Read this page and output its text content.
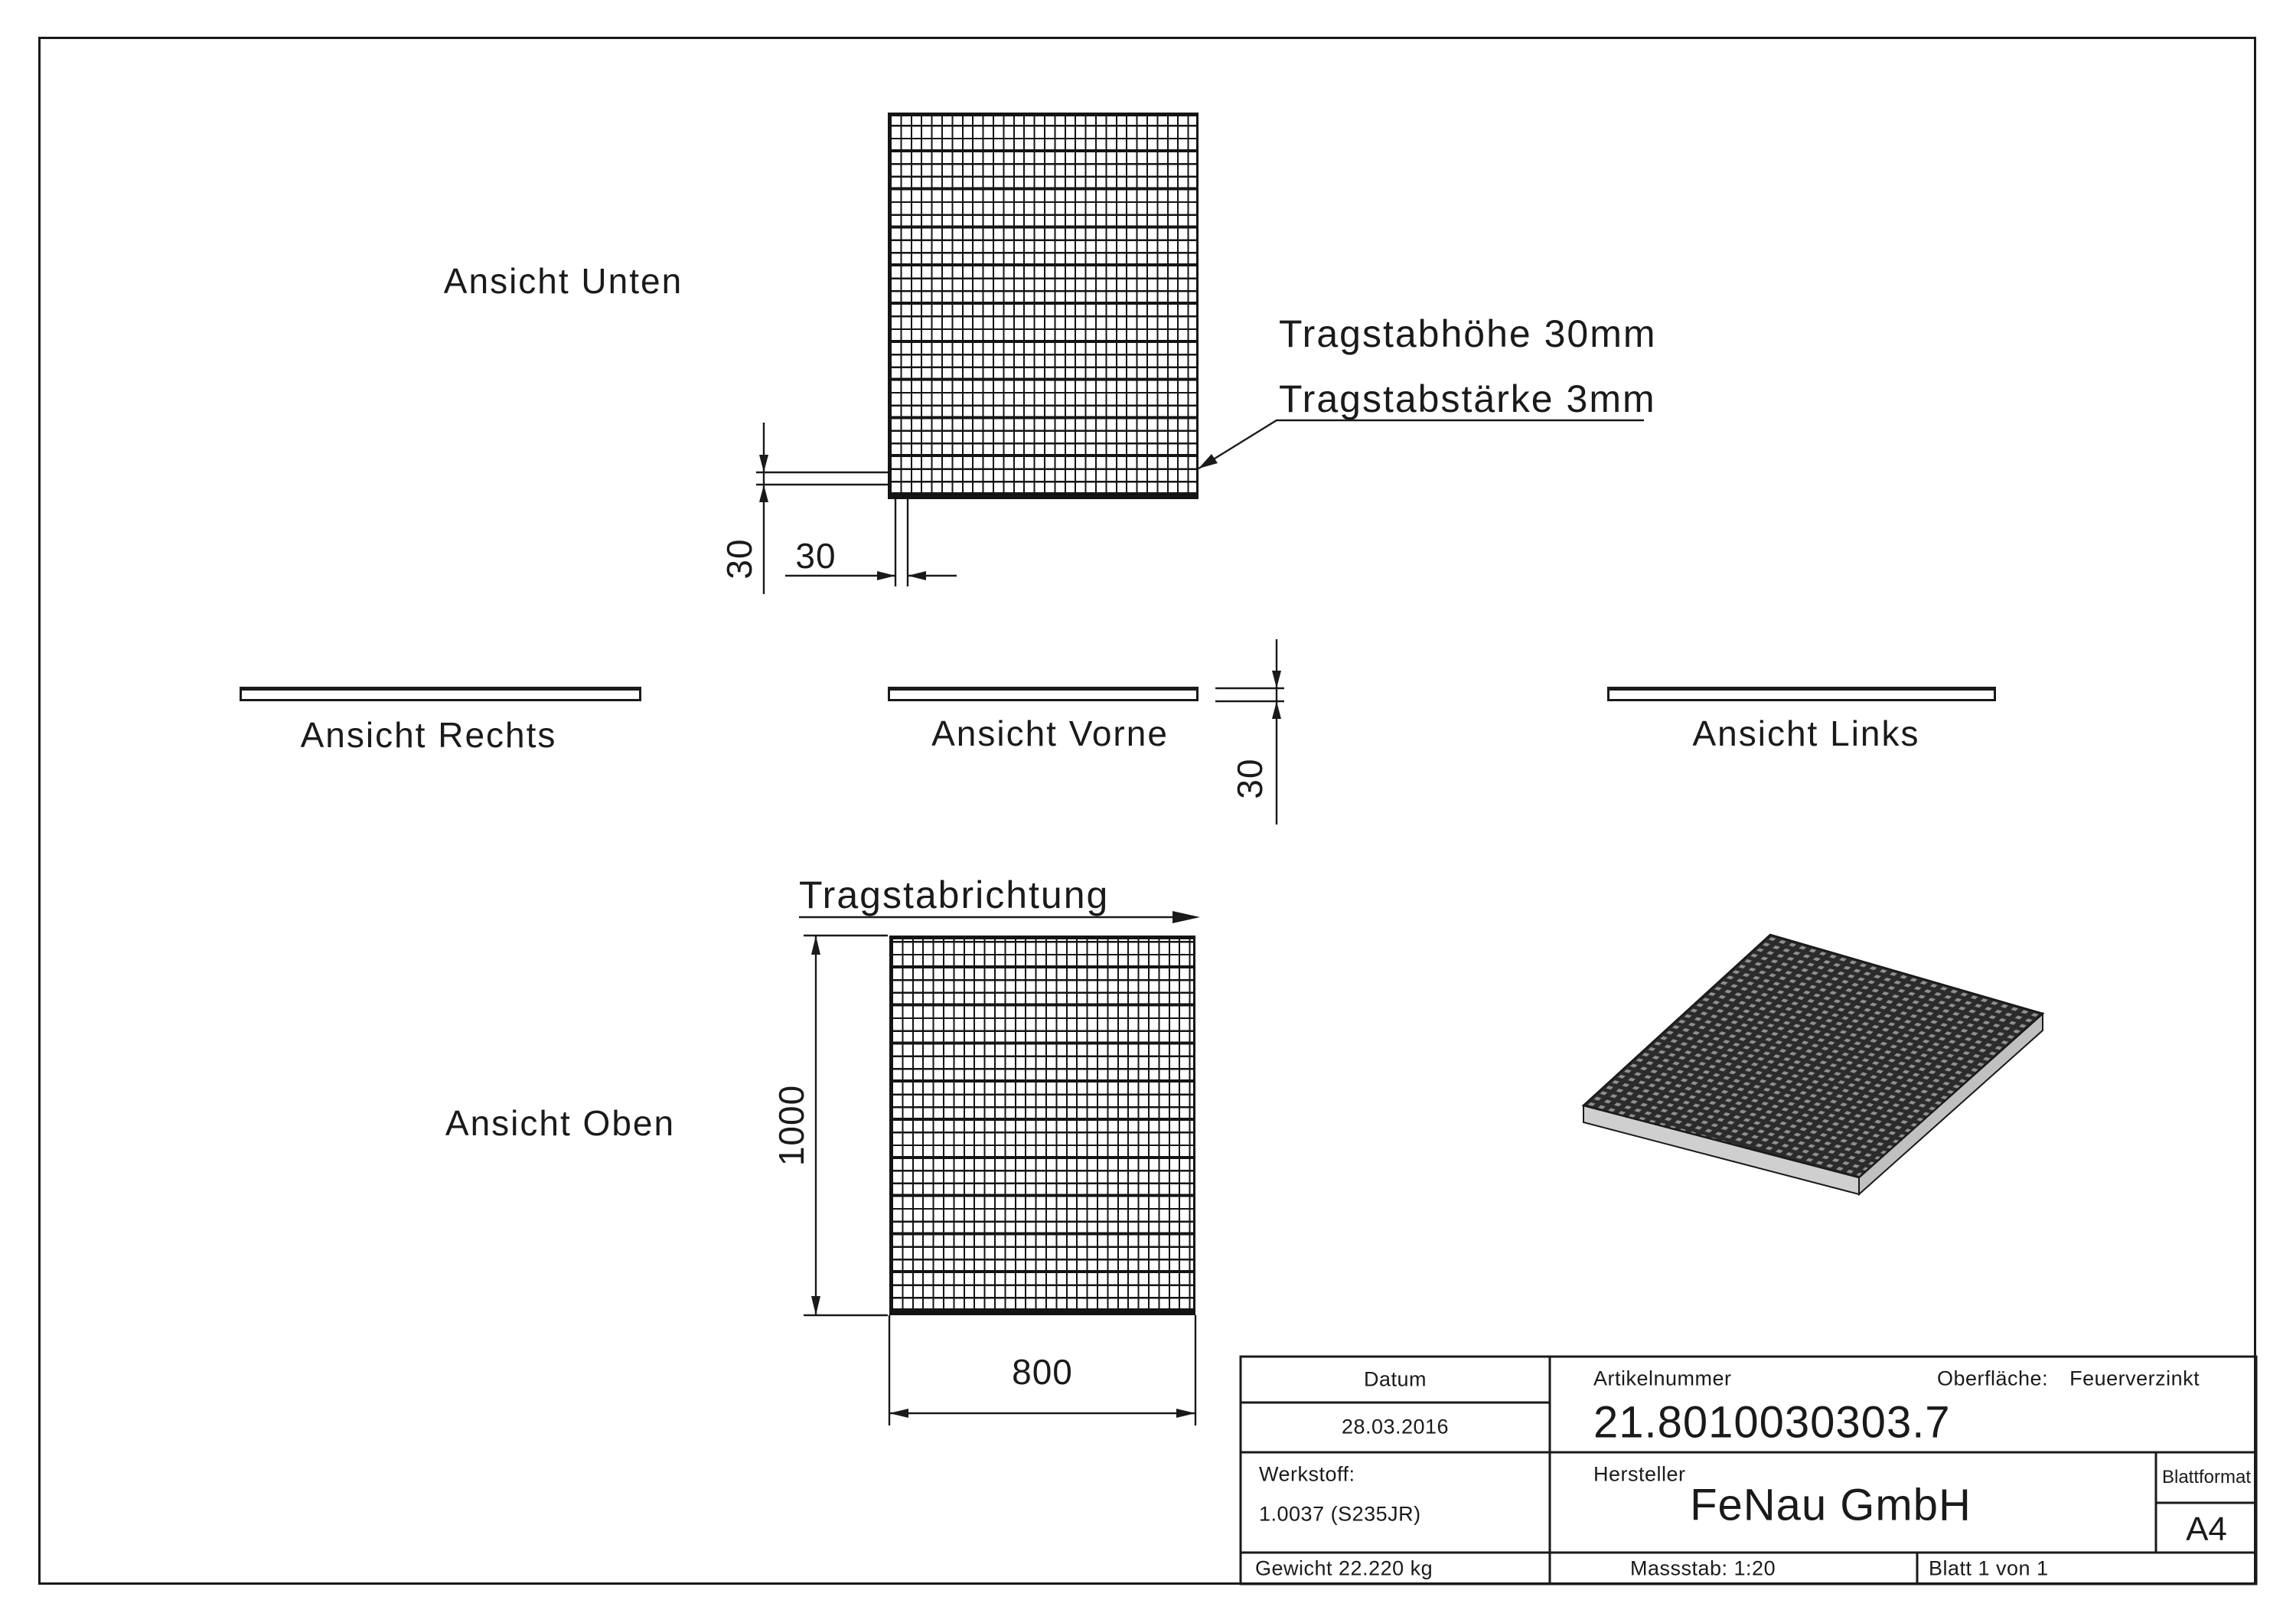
Ansicht Unten
Ansicht Rechts	Ansicht Vorne	Ansicht Links
Ansicht Oben
Tragstabrichtung
Tragstabhöhe 30mm
Tragstabstärke 3mm
30 30
30
1000
800	Datum
28.03.2016
Artikelnummer	Oberfläche: Feuerverzinkt
21.8010030303.7
Werkstoff:
1.0037 (S235JR)
Hersteller
FeNau GmbH
Blattformat
A4
Gewicht 22.220 kg	Massstab: 1:20	Blatt 1 von 1
